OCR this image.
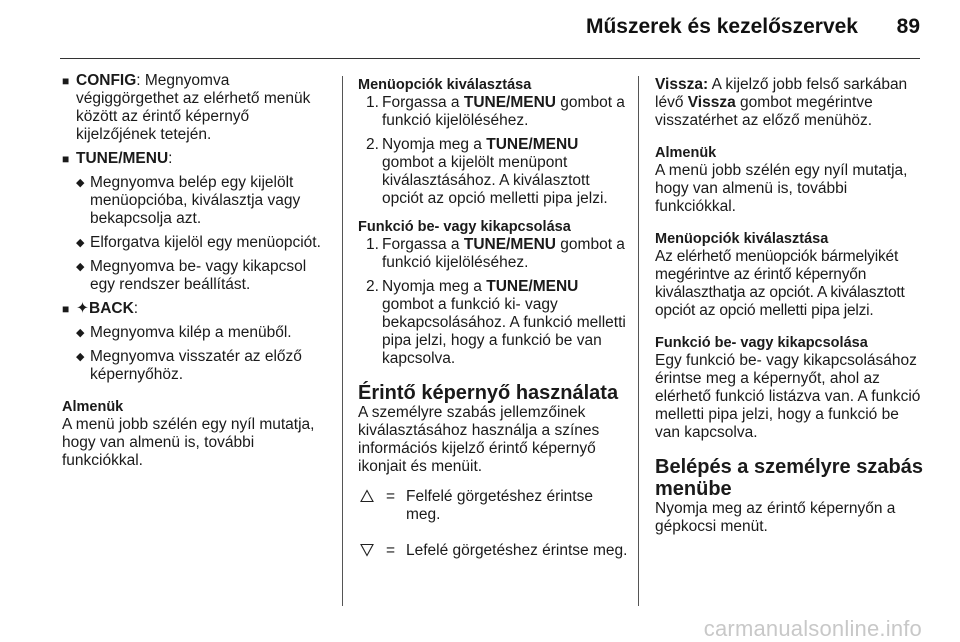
Műszerek és kezelőszervek 89
■ CONFIG: Megnyomva végiggörgethet az elérhető menük között az érintő képernyő kijelzőjének tetején.
■ TUNE/MENU:
◆ Megnyomva belép egy kijelölt menüopcióba, kiválasztja vagy bekapcsolja azt.
◆ Elforgatva kijelöl egy menüopciót.
◆ Megnyomva be- vagy kikapcsol egy rendszer beállítást.
■ ✦BACK:
◆ Megnyomva kilép a menüből.
◆ Megnyomva visszatér az előző képernyőhöz.

Almenük

A menü jobb szélén egy nyíl mutatja, hogy van almenü is, további funkciókkal.

Menüopciók kiválasztása

1. Forgassa a TUNE/MENU gombot a funkció kijelöléséhez.
2. Nyomja meg a TUNE/MENU gombot a kijelölt menüpont kiválasztásához. A kiválasztott opciót az opció melletti pipa jelzi.

Funkció be- vagy kikapcsolása

1. Forgassa a TUNE/MENU gombot a funkció kijelöléséhez.
2. Nyomja meg a TUNE/MENU gombot a funkció ki- vagy bekapcsolásához. A funkció melletti pipa jelzi, hogy a funkció be van kapcsolva.

Érintő képernyő használata

A személyre szabás jellemzőinek kiválasztásához használja a színes információs kijelző érintő képernyő ikonjait és menüit.

= Felfelé görgetéshez érintse meg.
= Lefelé görgetéshez érintse meg.

Vissza: A kijelző jobb felső sarkában lévő Vissza gombot megérintve visszatérhet az előző menühöz.

Almenük

A menü jobb szélén egy nyíl mutatja, hogy van almenü is, további funkciókkal.

Menüopciók kiválasztása

Az elérhető menüopciók bármelyikét megérintve az érintő képernyőn kiválaszthatja az opciót. A kiválasztott opciót az opció melletti pipa jelzi.

Funkció be- vagy kikapcsolása

Egy funkció be- vagy kikapcsolásához érintse meg a képernyőt, ahol az elérhető funkció listázva van. A funkció melletti pipa jelzi, hogy a funkció be van kapcsolva.

Belépés a személyre szabás menübe

Nyomja meg az érintő képernyőn a gépkocsi menüt.

carmanualsonline.info
